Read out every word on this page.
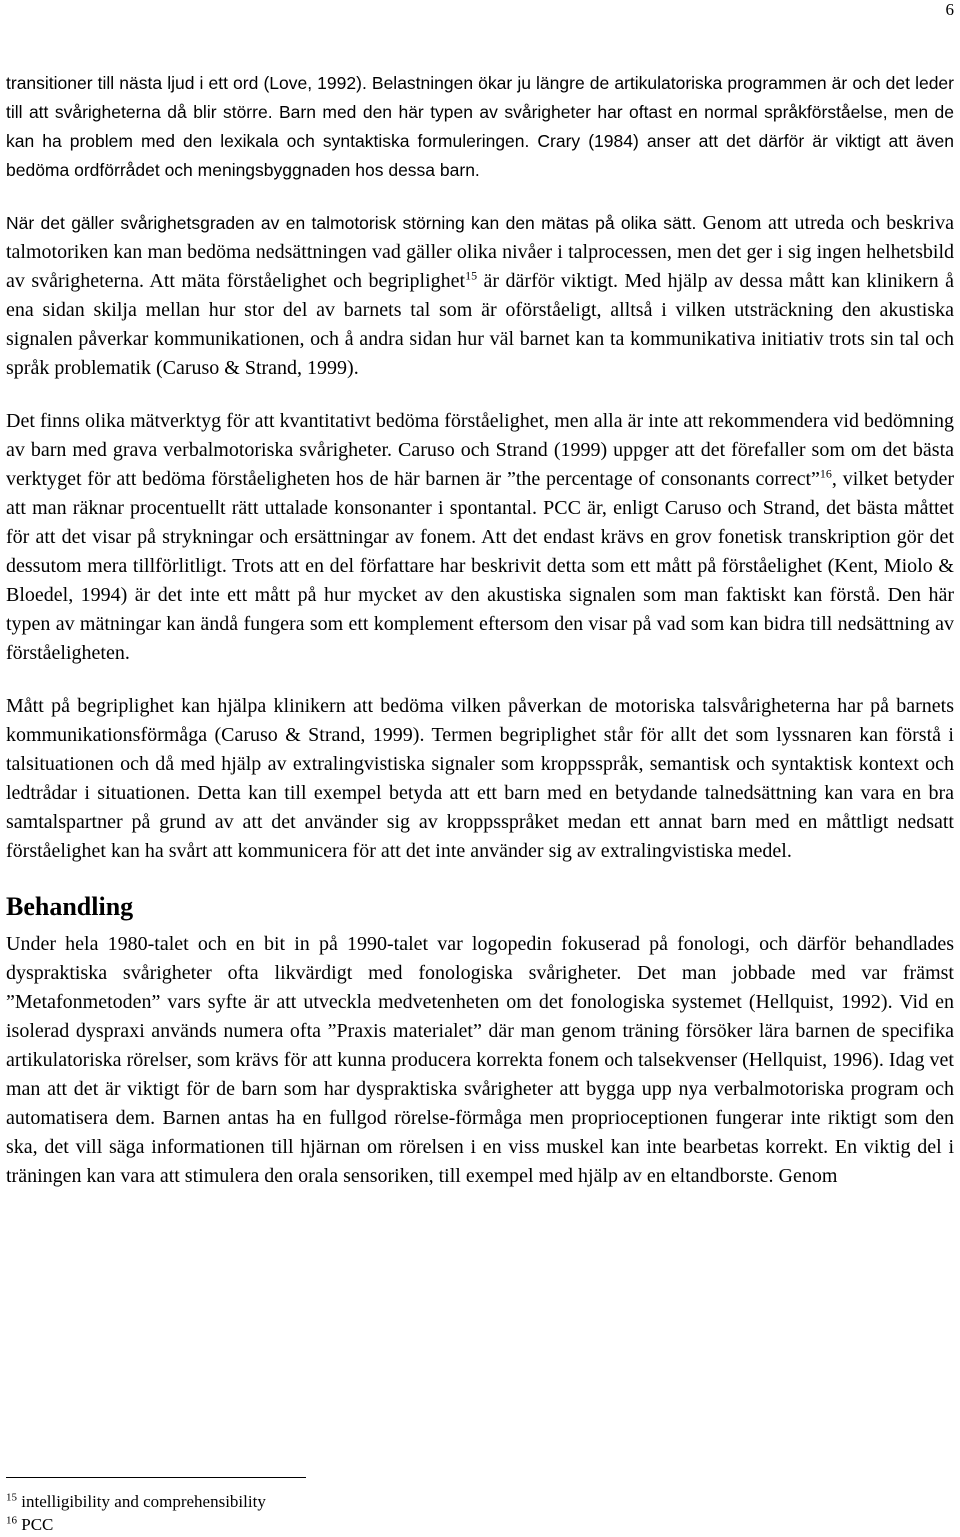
6

transitioner till nästa ljud i ett ord (Love, 1992). Belastningen ökar ju längre de artikulatoriska programmen är och det leder till att svårigheterna då blir större. Barn med den här typen av svårigheter har oftast en normal språkförståelse, men de kan ha problem med den lexikala och syntaktiska formuleringen. Crary (1984) anser att det därför är viktigt att även bedöma ordförrådet och meningsbyggnaden hos dessa barn.

När det gäller svårighetsgraden av en talmotorisk störning kan den mätas på olika sätt. Genom att utreda och beskriva talmotoriken kan man bedöma nedsättningen vad gäller olika nivåer i talprocessen, men det ger i sig ingen helhetsbild av svårigheterna. Att mäta förståelighet och begriplighet$^{15}$ är därför viktigt. Med hjälp av dessa mått kan klinikern å ena sidan skilja mellan hur stor del av barnets tal som är oförståeligt, alltså i vilken utsträckning den akustiska signalen påverkar kommunikationen, och å andra sidan hur väl barnet kan ta kommunikativa initiativ trots sin tal och språk problematik (Caruso & Strand, 1999).

Det finns olika mätverktyg för att kvantitativt bedöma förståelighet, men alla är inte att rekommendera vid bedömning av barn med grava verbalmotoriska svårigheter. Caruso och Strand (1999) uppger att det förefaller som om det bästa verktyget för att bedöma förståeligheten hos de här barnen är ”the percentage of consonants correct”$^{16}$, vilket betyder att man räknar procentuellt rätt uttalade konsonanter i spontantal. PCC är, enligt Caruso och Strand, det bästa måttet för att det visar på strykningar och ersättningar av fonem. Att det endast krävs en grov fonetisk transkription gör det dessutom mera tillförlitligt. Trots att en del författare har beskrivit detta som ett mått på förståelighet (Kent, Miolo & Bloedel, 1994) är det inte ett mått på hur mycket av den akustiska signalen som man faktiskt kan förstå. Den här typen av mätningar kan ändå fungera som ett komplement eftersom den visar på vad som kan bidra till nedsättning av förståeligheten.

Mått på begriplighet kan hjälpa klinikern att bedöma vilken påverkan de motoriska talsvårigheterna har på barnets kommunikationsförmåga (Caruso & Strand, 1999). Termen begriplighet står för allt det som lyssnaren kan förstå i talsituationen och då med hjälp av extralingvistiska signaler som kroppsspråk, semantisk och syntaktisk kontext och ledtrådar i situationen. Detta kan till exempel betyda att ett barn med en betydande talnedsättning kan vara en bra samtalspartner på grund av att det använder sig av kroppsspråket medan ett annat barn med en måttligt nedsatt förståelighet kan ha svårt att kommunicera för att det inte använder sig av extralingvistiska medel.

Behandling

Under hela 1980-talet och en bit in på 1990-talet var logopedin fokuserad på fonologi, och därför behandlades dyspraktiska svårigheter ofta likvärdigt med fonologiska svårigheter. Det man jobbade med var främst ”Metafonmetoden” vars syfte är att utveckla medvetenheten om det fonologiska systemet (Hellquist, 1992). Vid en isolerad dyspraxi används numera ofta ”Praxis materialet” där man genom träning försöker lära barnen de specifika artikulatoriska rörelser, som krävs för att kunna producera korrekta fonem och talsekvenser (Hellquist, 1996). Idag vet man att det är viktigt för de barn som har dyspraktiska svårigheter att bygga upp nya verbalmotoriska program och automatisera dem. Barnen antas ha en fullgod rörelse-förmåga men proprioceptionen fungerar inte riktigt som den ska, det vill säga informationen till hjärnan om rörelsen i en viss muskel kan inte bearbetas korrekt. En viktig del i träningen kan vara att stimulera den orala sensoriken, till exempel med hjälp av en eltandborste. Genom

$^{15}$ intelligibility and comprehensibility
$^{16}$ PCC
